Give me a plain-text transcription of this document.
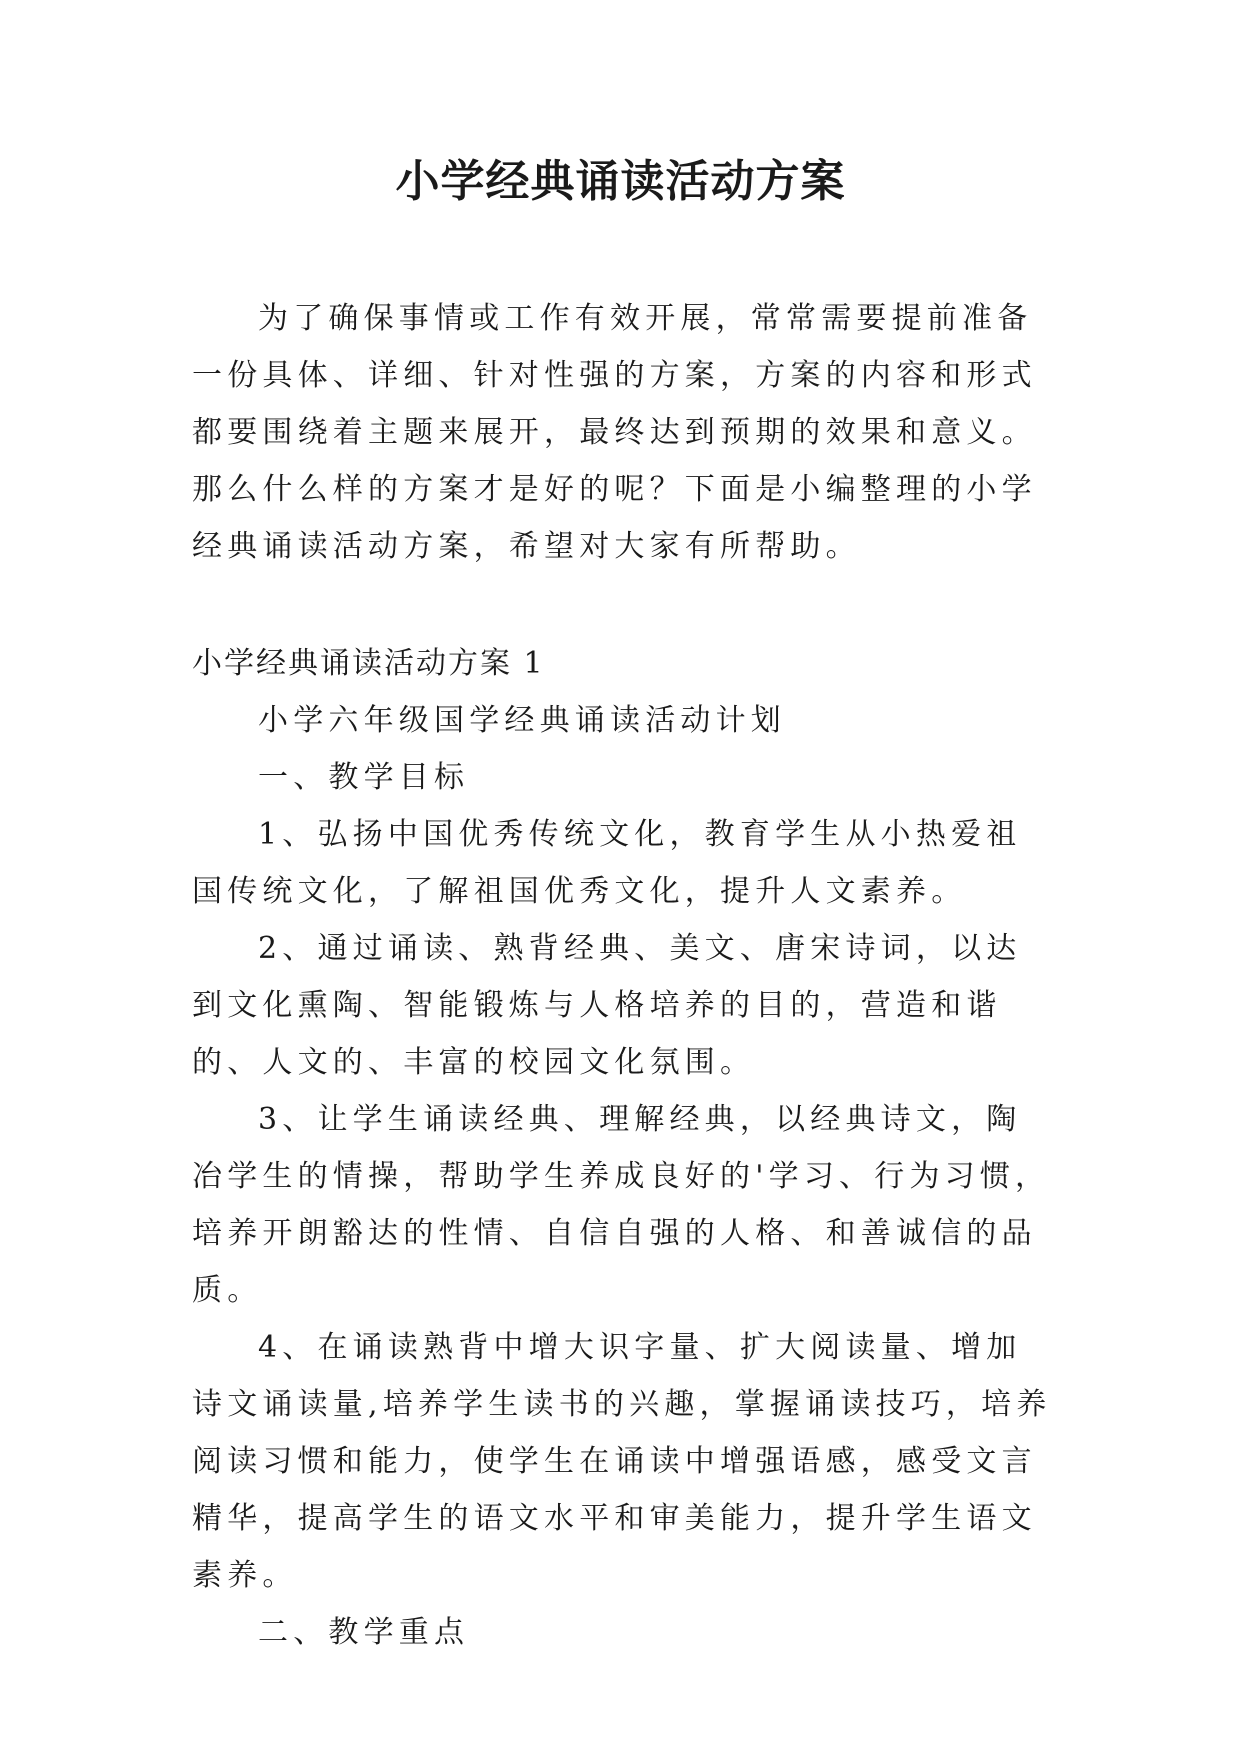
小学经典诵读活动方案

为了确保事情或工作有效开展，常常需要提前准备一份具体、详细、针对性强的方案，方案的内容和形式都要围绕着主题来展开，最终达到预期的效果和意义。那么什么样的方案才是好的呢？下面是小编整理的小学经典诵读活动方案，希望对大家有所帮助。

小学经典诵读活动方案 1

小学六年级国学经典诵读活动计划

一、教学目标

1、弘扬中国优秀传统文化，教育学生从小热爱祖国传统文化，了解祖国优秀文化，提升人文素养。

2、通过诵读、熟背经典、美文、唐宋诗词，以达到文化熏陶、智能锻炼与人格培养的目的，营造和谐的、人文的、丰富的校园文化氛围。

3、让学生诵读经典、理解经典，以经典诗文，陶冶学生的情操，帮助学生养成良好的'学习、行为习惯，培养开朗豁达的性情、自信自强的人格、和善诚信的品质。

4、在诵读熟背中增大识字量、扩大阅读量、增加诗文诵读量,培养学生读书的兴趣，掌握诵读技巧，培养阅读习惯和能力，使学生在诵读中增强语感，感受文言精华，提高学生的语文水平和审美能力，提升学生语文素养。

二、教学重点
